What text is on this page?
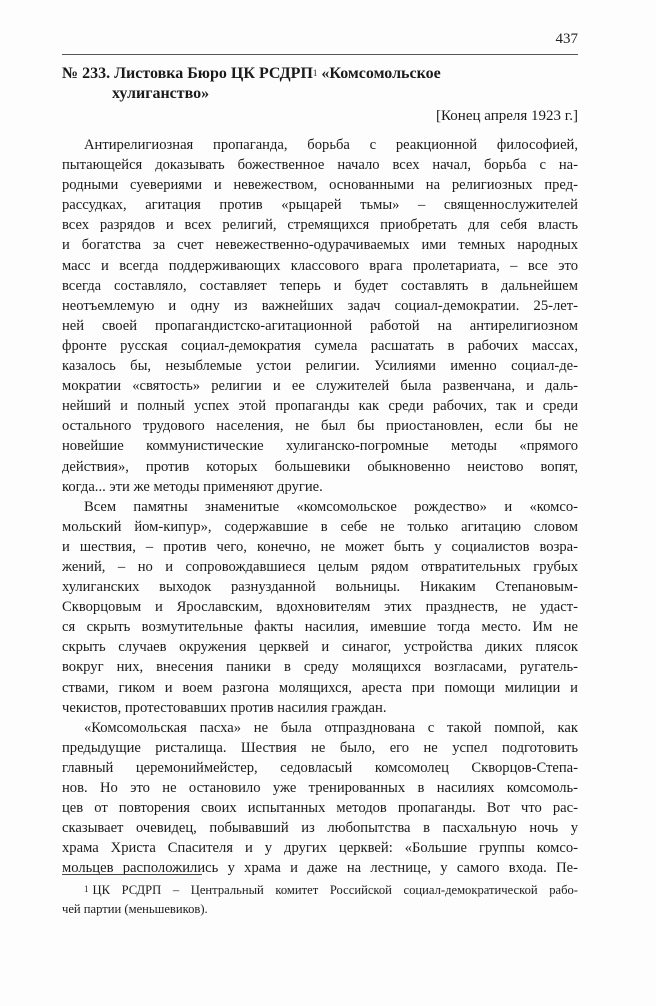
437
№ 233. Листовка Бюро ЦК РСДРП$^1$ «Комсомольское
хулиганство»
[Конец апреля 1923 г.]
Антирелигиозная пропаганда, борьба с реакционной философией,
пытающейся доказывать божественное начало всех начал, борьба с на-
родными суевериями и невежеством, основанными на религиозных пред-
рассудках, агитация против «рыцарей тьмы» – священнослужителей
всех разрядов и всех религий, стремящихся приобретать для себя власть
и богатства за счет невежественно-одурачиваемых ими темных народных
масс и всегда поддерживающих классового врага пролетариата, – все это
всегда составляло, составляет теперь и будет составлять в дальнейшем
неотъемлемую и одну из важнейших задач социал-демократии. 25-лет-
ней своей пропагандистско-агитационной работой на антирелигиозном
фронте русская социал-демократия сумела расшатать в рабочих массах,
казалось бы, незыблемые устои религии. Усилиями именно социал-де-
мократии «святость» религии и ее служителей была развенчана, и даль-
нейший и полный успех этой пропаганды как среди рабочих, так и среди
остального трудового населения, не был бы приостановлен, если бы не
новейшие коммунистические хулиганско-погромные методы «прямого
действия», против которых большевики обыкновенно неистово вопят,
когда... эти же методы применяют другие.
Всем памятны знаменитые «комсомольское рождество» и «комсо-
мольский йом-кипур», содержавшие в себе не только агитацию словом
и шествия, – против чего, конечно, не может быть у социалистов возра-
жений, – но и сопровождавшиеся целым рядом отвратительных грубых
хулиганских выходок разнузданной вольницы. Никаким Степановым-
Скворцовым и Ярославским, вдохновителям этих празднеств, не удаст-
ся скрыть возмутительные факты насилия, имевшие тогда место. Им не
скрыть случаев окружения церквей и синагог, устройства диких плясок
вокруг них, внесения паники в среду молящихся возгласами, ругатель-
ствами, гиком и воем разгона молящихся, ареста при помощи милиции и
чекистов, протестовавших против насилия граждан.
«Комсомольская пасха» не была отпразднована с такой помпой, как
предыдущие ристалища. Шествия не было, его не успел подготовить
главный церемониймейстер, седовласый комсомолец Скворцов-Степа-
нов. Но это не остановило уже тренированных в насилиях комсомоль-
цев от повторения своих испытанных методов пропаганды. Вот что рас-
сказывает очевидец, побывавший из любопытства в пасхальную ночь у
храма Христа Спасителя и у других церквей: «Большие группы комсо-
мольцев расположились у храма и даже на лестнице, у самого входа. Пе-
$^1$ ЦК РСДРП – Центральный комитет Российской социал-демократической рабо-
чей партии (меньшевиков).
